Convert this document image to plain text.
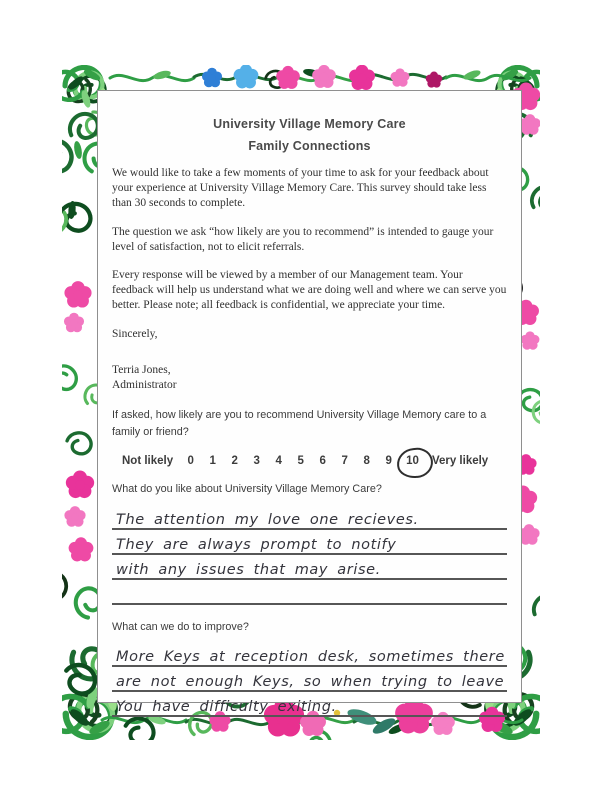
University Village Memory Care
Family Connections

We would like to take a few moments of your time to ask for your feedback about your experience at University Village Memory Care. This survey should take less than 30 seconds to complete.

The question we ask “how likely are you to recommend” is intended to gauge your level of satisfaction, not to elicit referrals.

Every response will be viewed by a member of our Management team. Your feedback will help us understand what we are doing well and where we can serve you better. Please note; all feedback is confidential, we appreciate your time.

Sincerely,

Terria Jones,

Administrator

If asked, how likely are you to recommend University Village Memory care to a family or friend?

Not likely 0 1 2 3 4 5 6 7 8 9 10 Very likely

What do you like about University Village Memory Care?

The attention my love one recieves.
They are always prompt to notify
with any issues that may arise.

What can we do to improve?

More Keys at reception desk, sometimes there
are not enough Keys, so when trying to leave
You have difficulty exiting.
